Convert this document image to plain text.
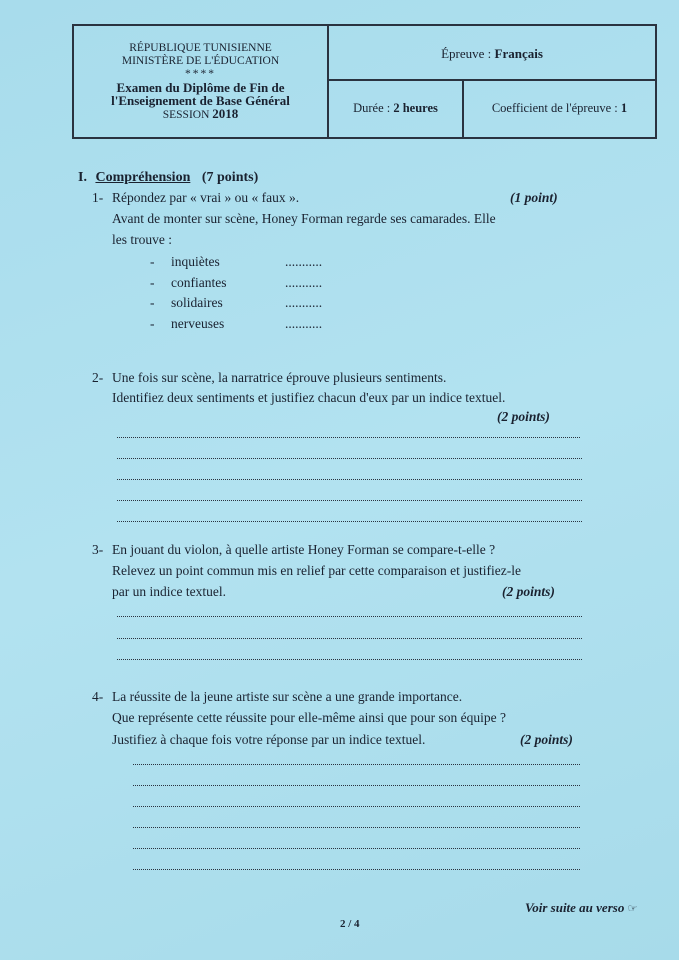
RÉPUBLIQUE TUNISIENNE
MINISTÈRE DE L'ÉDUCATION
****
Examen du Diplôme de Fin de
l'Enseignement de Base Général
SESSION 2018
Épreuve : Français
Durée : 2 heures	Coefficient de l'épreuve : 1
I. Compréhension (7 points)
1- Répondez par « vrai » ou « faux ».	(1 point)
Avant de monter sur scène, Honey Forman regarde ses camarades. Elle
les trouve :
- inquiètes	...........
- confiantes	...........
- solidaires	...........
- nerveuses	...........
2- Une fois sur scène, la narratrice éprouve plusieurs sentiments.
Identifiez deux sentiments et justifiez chacun d'eux par un indice textuel.
(2 points)
3- En jouant du violon, à quelle artiste Honey Forman se compare-t-elle ?
Relevez un point commun mis en relief par cette comparaison et justifiez-le
par un indice textuel.	(2 points)
4- La réussite de la jeune artiste sur scène a une grande importance.
Que représente cette réussite pour elle-même ainsi que pour son équipe ?
Justifiez à chaque fois votre réponse par un indice textuel.	(2 points)
Voir suite au verso ☞
2 / 4
